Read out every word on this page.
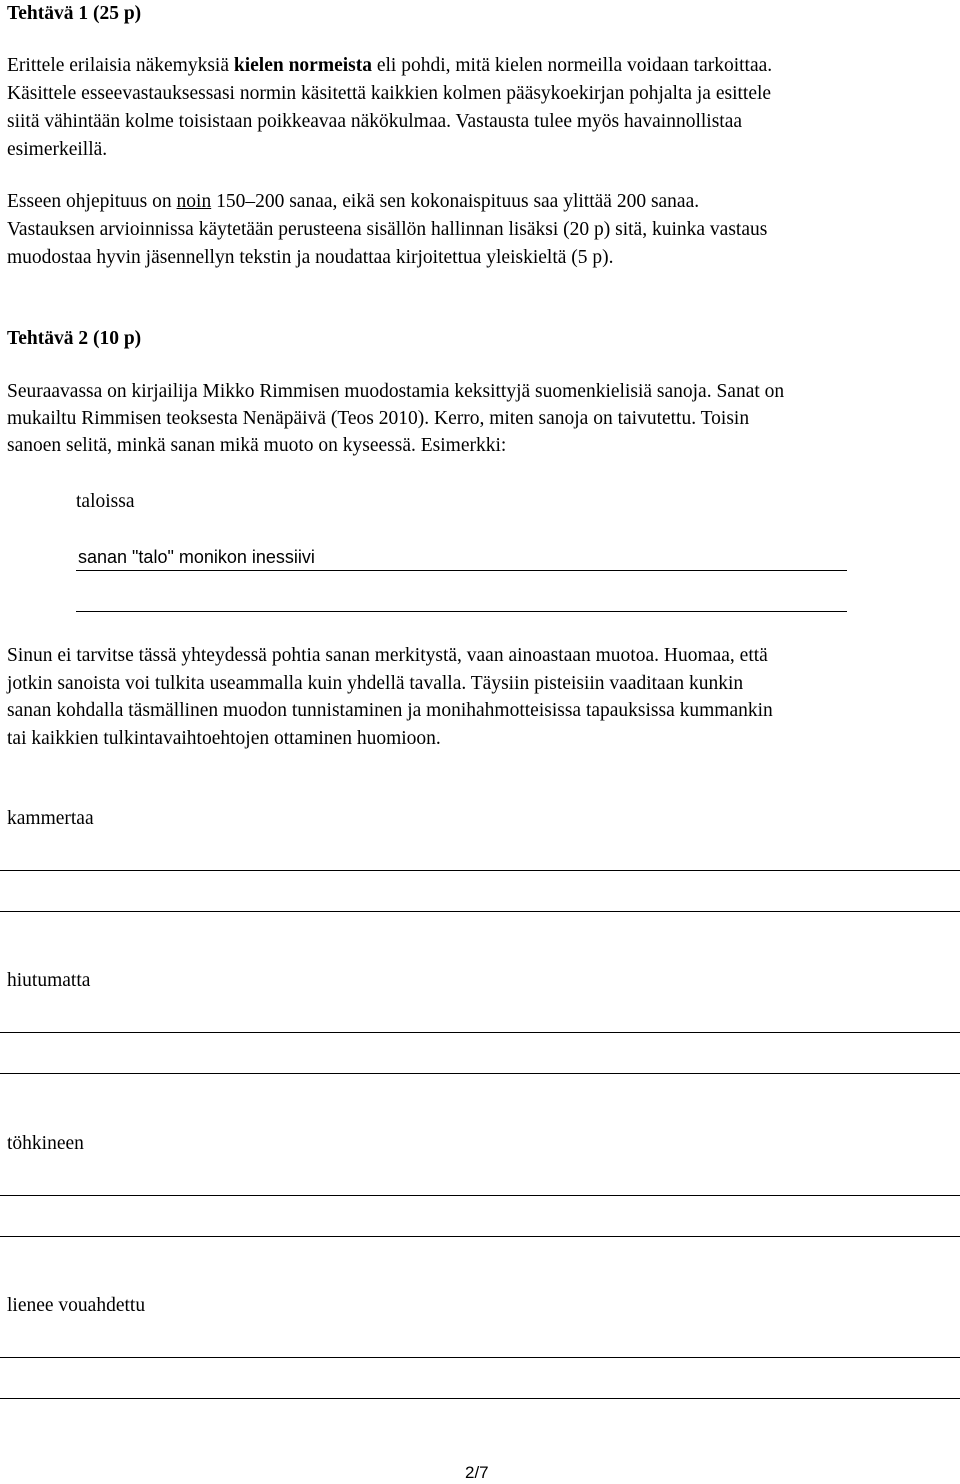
Tehtävä 1 (25 p)
Erittele erilaisia näkemyksiä kielen normeista eli pohdi, mitä kielen normeilla voidaan tarkoittaa.
Käsittele esseevastauksessasi normin käsitettä kaikkien kolmen pääsykoekirjan pohjalta ja esittele
siitä vähintään kolme toisistaan poikkeavaa näkökulmaa. Vastausta tulee myös havainnollistaa
esimerkeillä.
Esseen ohjepituus on noin 150–200 sanaa, eikä sen kokonaispituus saa ylittää 200 sanaa.
Vastauksen arvioinnissa käytetään perusteena sisällön hallinnan lisäksi (20 p) sitä, kuinka vastaus
muodostaa hyvin jäsennellyn tekstin ja noudattaa kirjoitettua yleiskieltä (5 p).
Tehtävä 2 (10 p)
Seuraavassa on kirjailija Mikko Rimmisen muodostamia keksittyjä suomenkielisiä sanoja. Sanat on
mukailtu Rimmisen teoksesta Nenäpäivä (Teos 2010). Kerro, miten sanoja on taivutettu. Toisin
sanoen selitä, minkä sanan mikä muoto on kyseessä. Esimerkki:
taloissa
sanan "talo" monikon inessiivi
Sinun ei tarvitse tässä yhteydessä pohtia sanan merkitystä, vaan ainoastaan muotoa. Huomaa, että
jotkin sanoista voi tulkita useammalla kuin yhdellä tavalla. Täysiin pisteisiin vaaditaan kunkin
sanan kohdalla täsmällinen muodon tunnistaminen ja monihahmotteisissa tapauksissa kummankin
tai kaikkien tulkintavaihtoehtojen ottaminen huomioon.
kammertaa
hiutumatta
töhkineen
lienee vouahdettu
2/7
